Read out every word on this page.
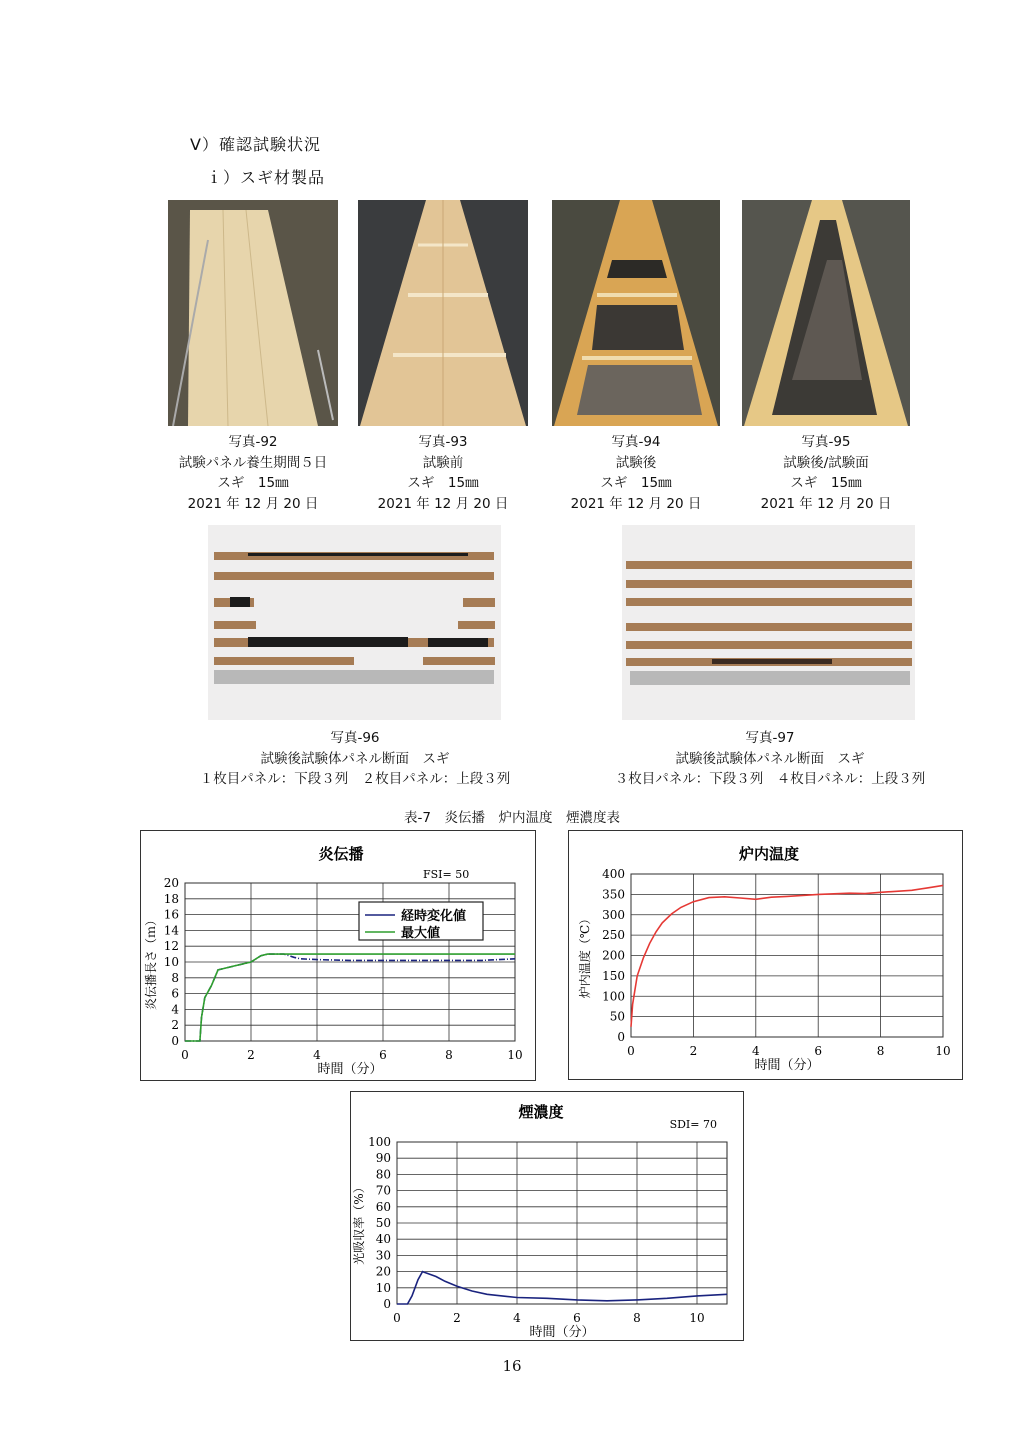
Ⅴ）確認試験状況
ｉ）スギ材製品
写真-92
試験パネル養生期間５日
スギ　15㎜
2021 年 12 月 20 日
写真-93
試験前
スギ　15㎜
2021 年 12 月 20 日
写真-94
試験後
スギ　15㎜
2021 年 12 月 20 日
写真-95
試験後/試験面
スギ　15㎜
2021 年 12 月 20 日
写真-96
試験後試験体パネル断面　スギ
１枚目パネル：下段３列　２枚目パネル：上段３列
写真-97
試験後試験体パネル断面　スギ
３枚目パネル：下段３列　４枚目パネル：上段３列
表-7　炎伝播　炉内温度　煙濃度表
0
2
4
6
8
10
12
14
16
18
20
0	2	4	6	8	10
炎伝播
FSI= 50
時間（分）
炎伝播長さ（ｍ）	経時変化値
最大値
0
50
100
150
200
250
300
350
400
0	2	4	6	8	10
炉内温度
時間（分）
炉内温度（℃）
0
10
20
30
40
50
60
70
80
90
100
0	2	4	6	8	10
煙濃度
SDI= 70
時間（分）
光吸収率（%）
16
